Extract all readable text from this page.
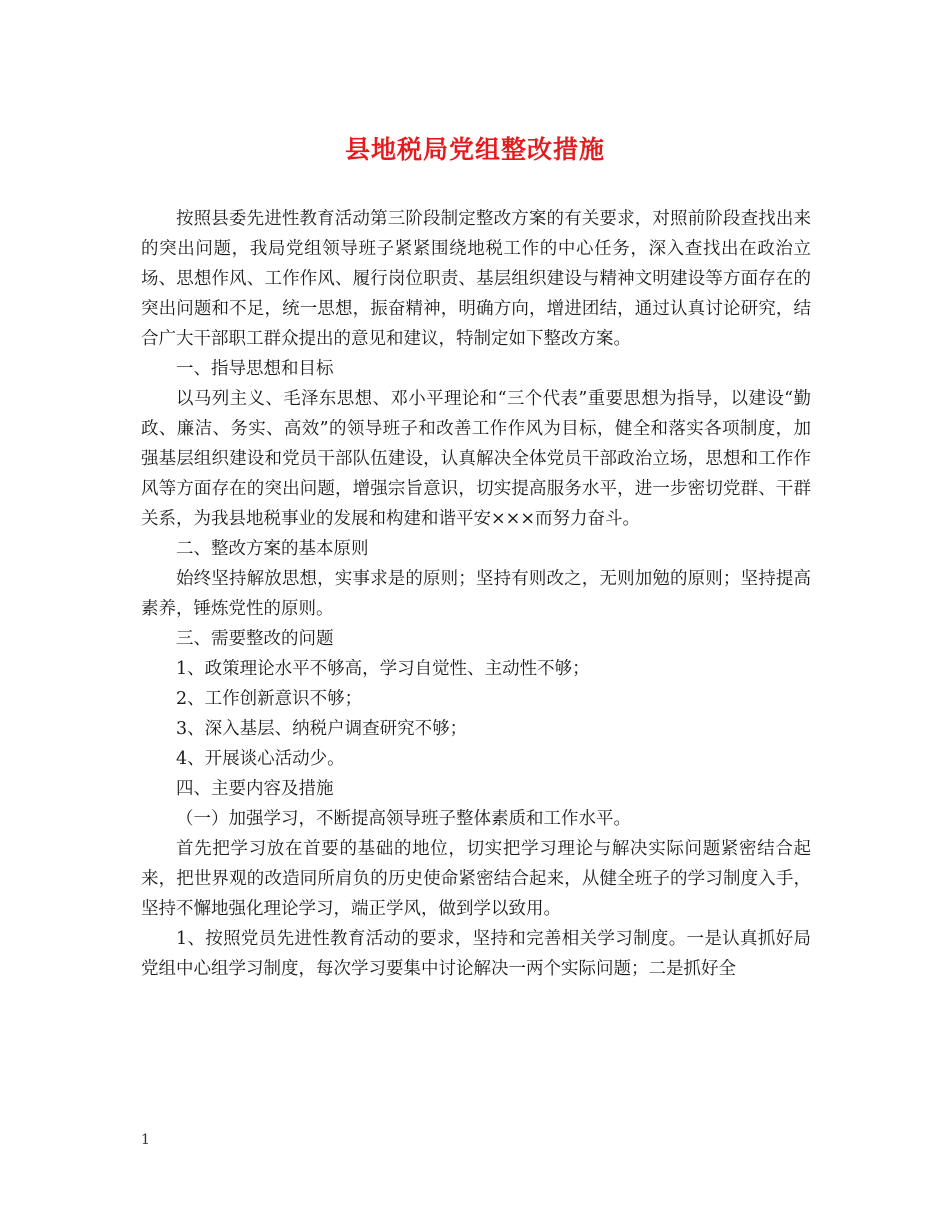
县地税局党组整改措施

按照县委先进性教育活动第三阶段制定整改方案的有关要求，对照前阶段查找出来的突出问题，我局党组领导班子紧紧围绕地税工作的中心任务，深入查找出在政治立场、思想作风、工作作风、履行岗位职责、基层组织建设与精神文明建设等方面存在的突出问题和不足，统一思想，振奋精神，明确方向，增进团结，通过认真讨论研究，结合广大干部职工群众提出的意见和建议，特制定如下整改方案。

一、指导思想和目标

以马列主义、毛泽东思想、邓小平理论和“三个代表”重要思想为指导，以建设“勤政、廉洁、务实、高效”的领导班子和改善工作作风为目标，健全和落实各项制度，加强基层组织建设和党员干部队伍建设，认真解决全体党员干部政治立场，思想和工作作风等方面存在的突出问题，增强宗旨意识，切实提高服务水平，进一步密切党群、干群关系，为我县地税事业的发展和构建和谐平安×××而努力奋斗。

二、整改方案的基本原则

始终坚持解放思想，实事求是的原则；坚持有则改之，无则加勉的原则；坚持提高素养，锤炼党性的原则。

三、需要整改的问题

1、政策理论水平不够高，学习自觉性、主动性不够；

2、工作创新意识不够；

3、深入基层、纳税户调查研究不够；

4、开展谈心活动少。

四、主要内容及措施

（一）加强学习，不断提高领导班子整体素质和工作水平。

首先把学习放在首要的基础的地位，切实把学习理论与解决实际问题紧密结合起来，把世界观的改造同所肩负的历史使命紧密结合起来，从健全班子的学习制度入手，坚持不懈地强化理论学习，端正学风，做到学以致用。

1、按照党员先进性教育活动的要求，坚持和完善相关学习制度。一是认真抓好局党组中心组学习制度，每次学习要集中讨论解决一两个实际问题；二是抓好全

1
